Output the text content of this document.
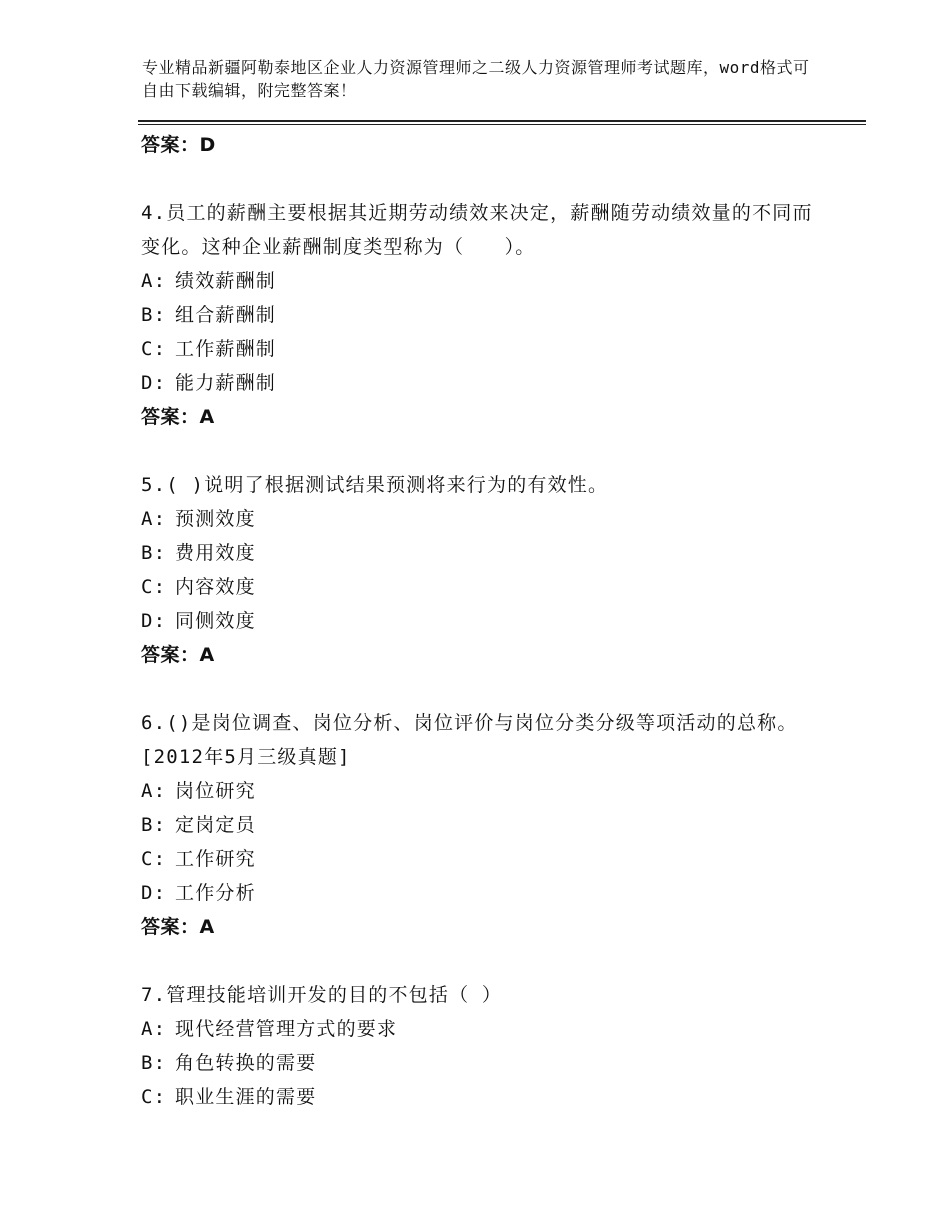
专业精品新疆阿勒泰地区企业人力资源管理师之二级人力资源管理师考试题库，word格式可自由下载编辑，附完整答案！

答案：D

4.员工的薪酬主要根据其近期劳动绩效来决定，薪酬随劳动绩效量的不同而变化。这种企业薪酬制度类型称为（　　）。

A: 绩效薪酬制

B: 组合薪酬制

C: 工作薪酬制

D: 能力薪酬制

答案：A

5.( )说明了根据测试结果预测将来行为的有效性。

A: 预测效度

B: 费用效度

C: 内容效度

D: 同侧效度

答案：A

6.()是岗位调查、岗位分析、岗位评价与岗位分类分级等项活动的总称。[2012年5月三级真题]

A: 岗位研究

B: 定岗定员

C: 工作研究

D: 工作分析

答案：A

7.管理技能培训开发的目的不包括（ ）

A: 现代经营管理方式的要求

B: 角色转换的需要

C: 职业生涯的需要
